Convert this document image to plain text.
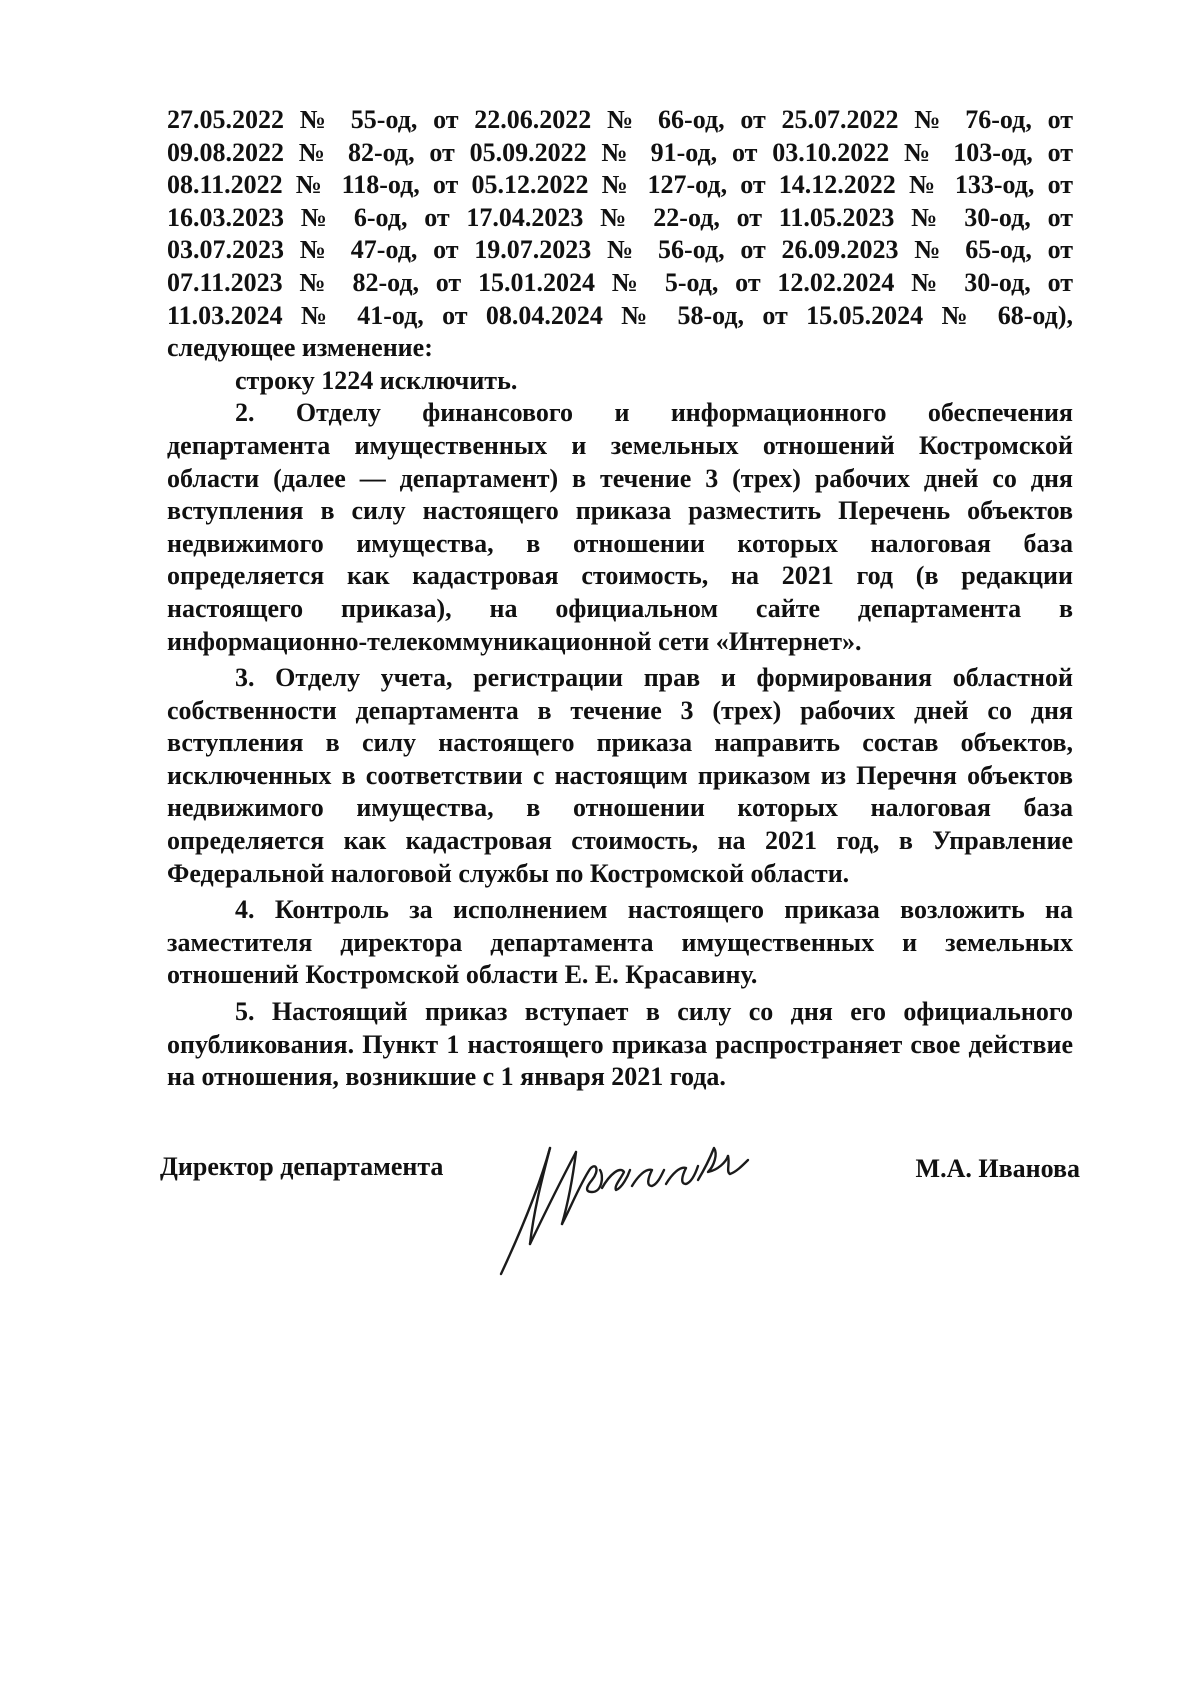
27.05.2022 № 55-од, от 22.06.2022 № 66-од, от 25.07.2022 № 76-од, от
09.08.2022 № 82-од, от 05.09.2022 № 91-од, от 03.10.2022 № 103-од, от
08.11.2022 № 118-од, от 05.12.2022 № 127-од, от 14.12.2022 № 133-од, от
16.03.2023 № 6-од, от 17.04.2023 № 22-од, от 11.05.2023 № 30-од, от
03.07.2023 № 47-од, от 19.07.2023 № 56-од, от 26.09.2023 № 65-од, от
07.11.2023 № 82-од, от 15.01.2024 № 5-од, от 12.02.2024 № 30-од, от
11.03.2024 № 41-од, от 08.04.2024 № 58-од, от 15.05.2024 № 68-од),
следующее изменение:
строку 1224 исключить.
2. Отделу финансового и информационного обеспечения
департамента имущественных и земельных отношений Костромской
области (далее — департамент) в течение 3 (трех) рабочих дней со дня
вступления в силу настоящего приказа разместить Перечень объектов
недвижимого имущества, в отношении которых налоговая база
определяется как кадастровая стоимость, на 2021 год (в редакции
настоящего приказа), на официальном сайте департамента в
информационно-телекоммуникационной сети «Интернет».
3. Отделу учета, регистрации прав и формирования областной
собственности департамента в течение 3 (трех) рабочих дней со дня
вступления в силу настоящего приказа направить состав объектов,
исключенных в соответствии с настоящим приказом из Перечня объектов
недвижимого имущества, в отношении которых налоговая база
определяется как кадастровая стоимость, на 2021 год, в Управление
Федеральной налоговой службы по Костромской области.
4. Контроль за исполнением настоящего приказа возложить на
заместителя директора департамента имущественных и земельных
отношений Костромской области Е. Е. Красавину.
5. Настоящий приказ вступает в силу со дня его официального
опубликования. Пункт 1 настоящего приказа распространяет свое действие
на отношения, возникшие с 1 января 2021 года.
Директор департамента	М.А. Иванова
